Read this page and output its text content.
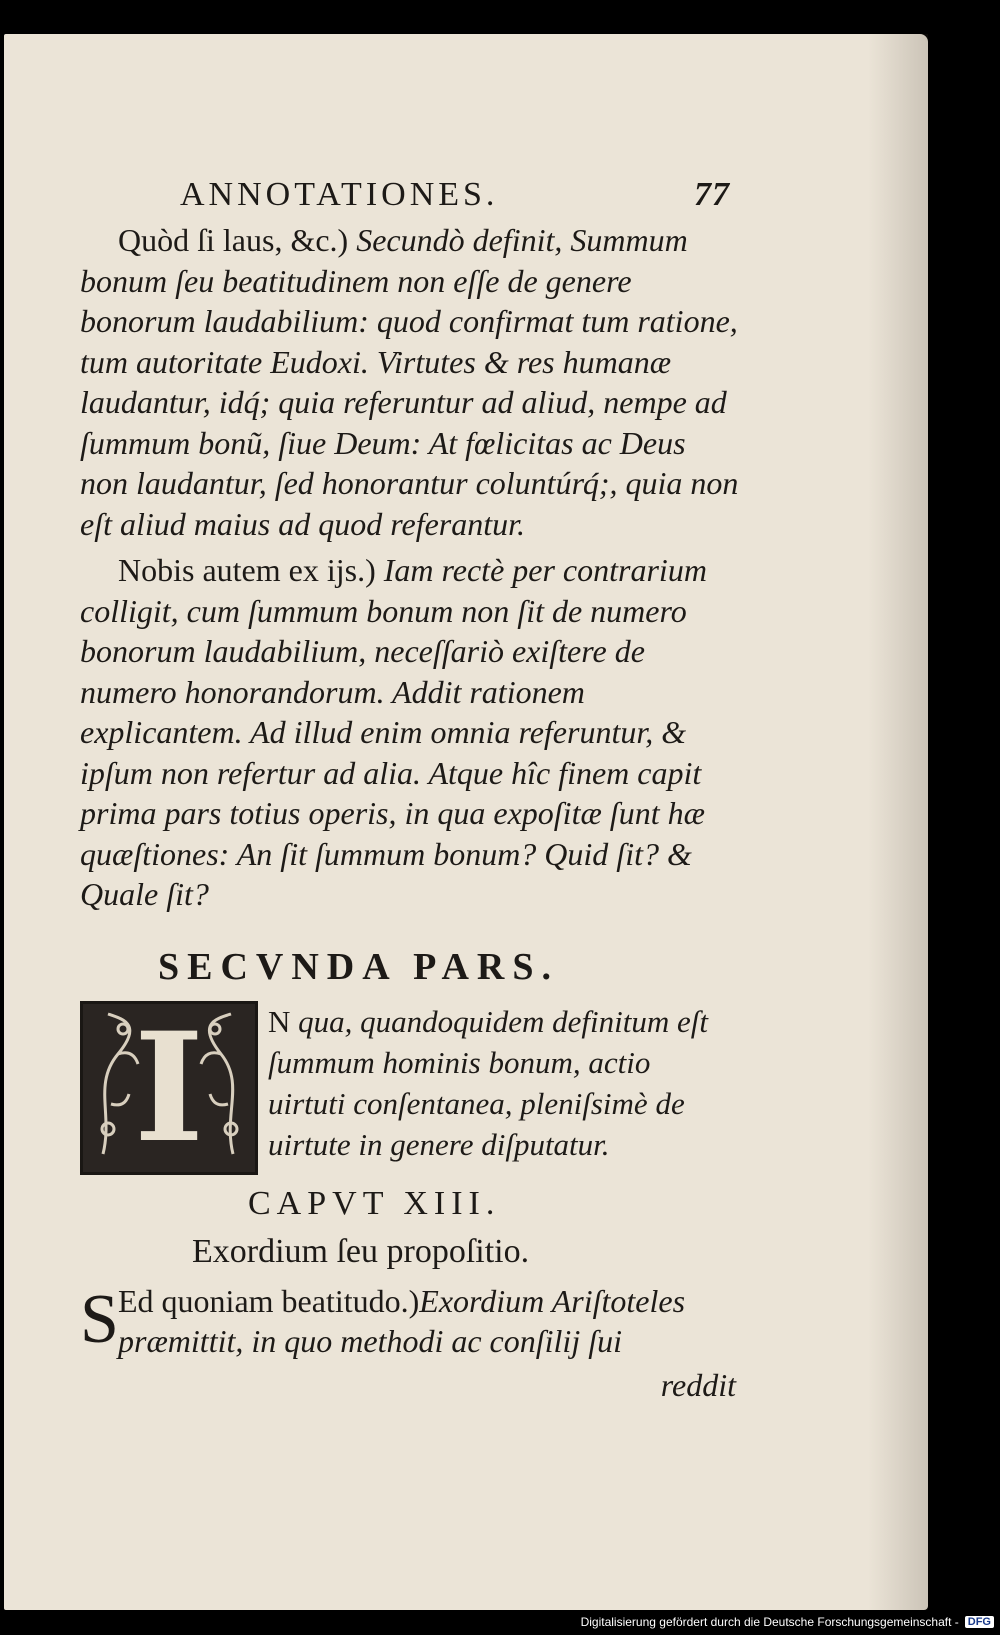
ANNOTATIONES.	77

Quòd ſi laus, &c.) Secundò definit, Summum bonum ſeu beatitudinem non eſſe de genere bonorum laudabilium: quod confirmat tum ratione, tum autoritate Eudoxi. Virtutes & res humanæ laudantur, idq́; quia referuntur ad aliud, nempe ad ſummum bonũ, ſiue Deum: At fœlicitas ac Deus non laudantur, ſed honorantur coluntúrq́;, quia non eſt aliud maius ad quod referantur.

Nobis autem ex ijs.) Iam rectè per contrarium colligit, cum ſummum bonum non ſit de numero bonorum laudabilium, neceſſariò exiſtere de numero honorandorum. Addit rationem explicantem. Ad illud enim omnia referuntur, & ipſum non refertur ad alia. Atque hîc finem capit prima pars totius operis, in qua expoſitæ ſunt hæ quæſtiones: An ſit ſummum bonum? Quid ſit? & Quale ſit?

SECVNDA PARS.
I N qua, quandoquidem definitum eſt ſummum hominis bonum, actio uirtuti conſentanea, pleniſsimè de uirtute in genere diſputatur.

CAPVT XIII.
Exordium ſeu propoſitio.
S Ed quoniam beatitudo.)Exordium Ariſtoteles præmittit, in quo methodi ac conſilij ſui

reddit
Digitalisierung gefördert durch die Deutsche Forschungsgemeinschaft - DFG
